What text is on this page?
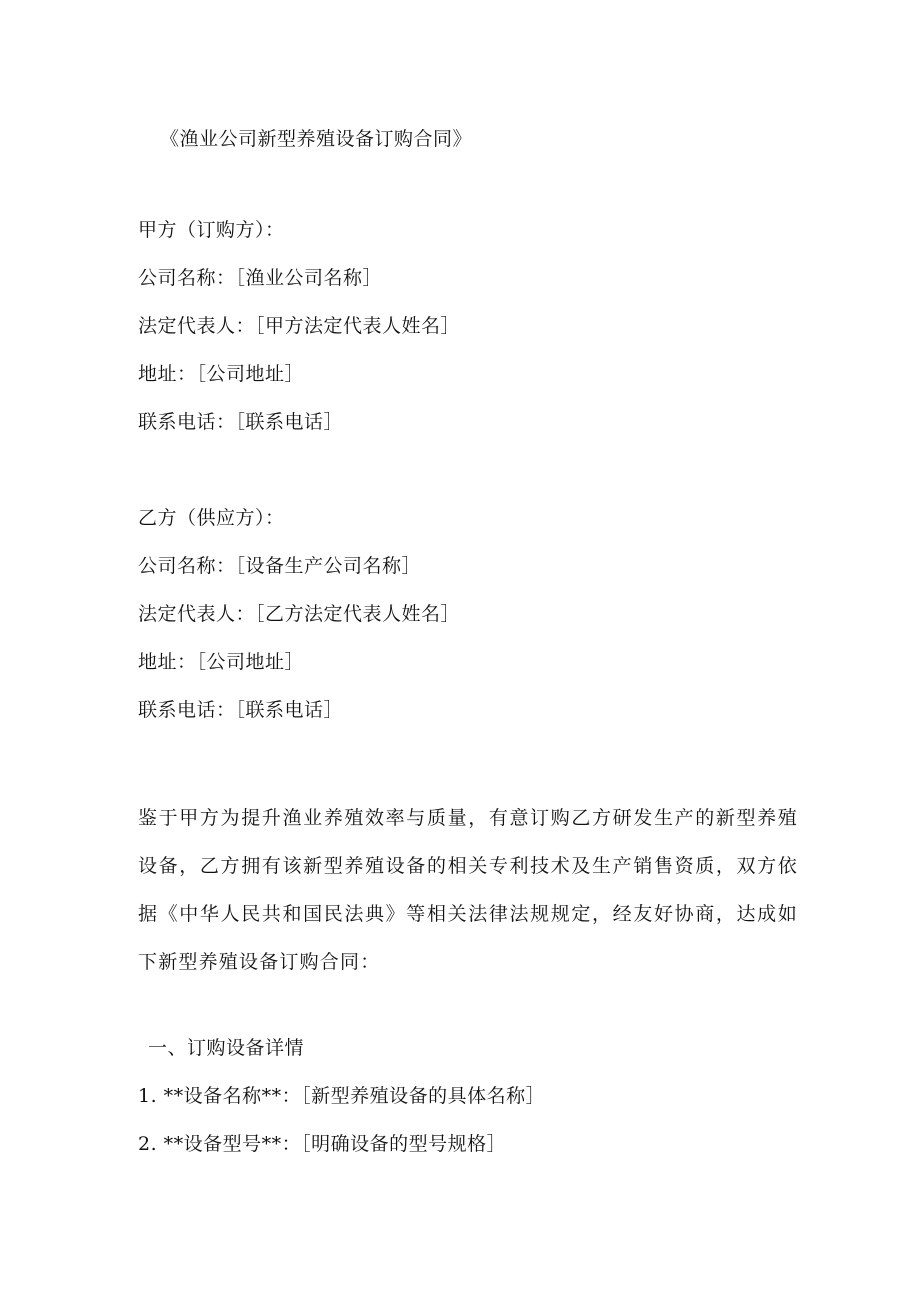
《渔业公司新型养殖设备订购合同》
甲方（订购方）：
公司名称：［渔业公司名称］
法定代表人：［甲方法定代表人姓名］
地址：［公司地址］
联系电话：［联系电话］
乙方（供应方）：
公司名称：［设备生产公司名称］
法定代表人：［乙方法定代表人姓名］
地址：［公司地址］
联系电话：［联系电话］
鉴于甲方为提升渔业养殖效率与质量，有意订购乙方研发生产的新型养殖设备，乙方拥有该新型养殖设备的相关专利技术及生产销售资质，双方依据《中华人民共和国民法典》等相关法律法规规定，经友好协商，达成如下新型养殖设备订购合同：
一、订购设备详情
1. **设备名称**：［新型养殖设备的具体名称］
2. **设备型号**：［明确设备的型号规格］
